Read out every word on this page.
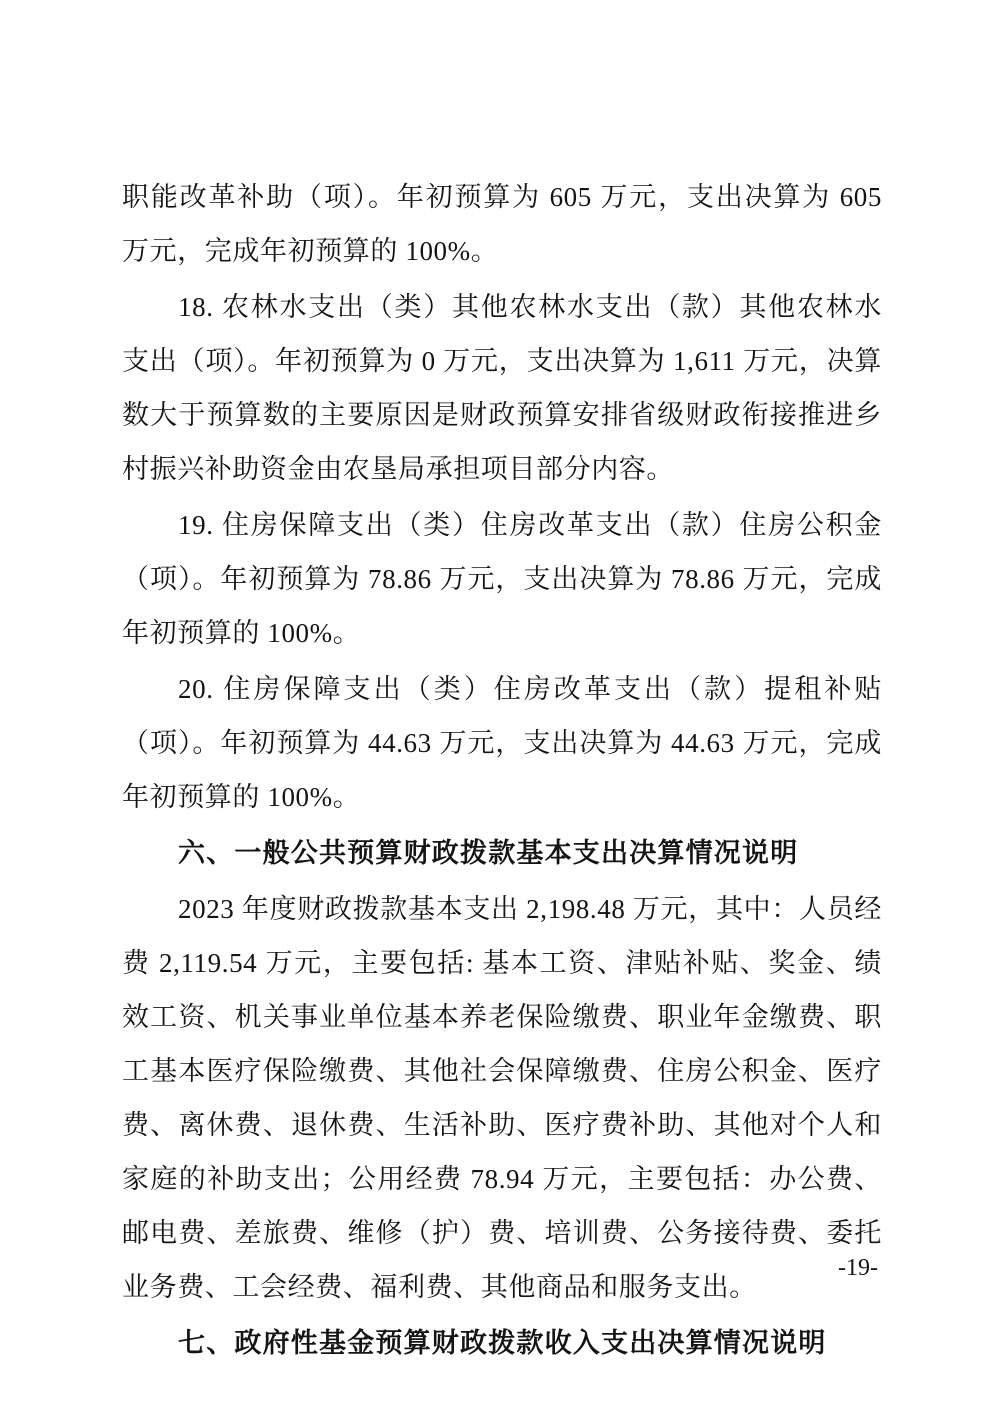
职能改革补助（项）。年初预算为 605 万元，支出决算为 605 万元，完成年初预算的 100%。

18. 农林水支出（类）其他农林水支出（款）其他农林水支出（项）。年初预算为 0 万元，支出决算为 1,611 万元，决算数大于预算数的主要原因是财政预算安排省级财政衔接推进乡村振兴补助资金由农垦局承担项目部分内容。

19. 住房保障支出（类）住房改革支出（款）住房公积金（项）。年初预算为 78.86 万元，支出决算为 78.86 万元，完成年初预算的 100%。

20. 住房保障支出（类）住房改革支出（款）提租补贴（项）。年初预算为 44.63 万元，支出决算为 44.63 万元，完成年初预算的 100%。

六、一般公共预算财政拨款基本支出决算情况说明

2023 年度财政拨款基本支出 2,198.48 万元，其中：人员经费 2,119.54 万元，主要包括: 基本工资、津贴补贴、奖金、绩效工资、机关事业单位基本养老保险缴费、职业年金缴费、职工基本医疗保险缴费、其他社会保障缴费、住房公积金、医疗费、离休费、退休费、生活补助、医疗费补助、其他对个人和家庭的补助支出；公用经费 78.94 万元，主要包括：办公费、邮电费、差旅费、维修（护）费、培训费、公务接待费、委托业务费、工会经费、福利费、其他商品和服务支出。

七、政府性基金预算财政拨款收入支出决算情况说明

-19-
